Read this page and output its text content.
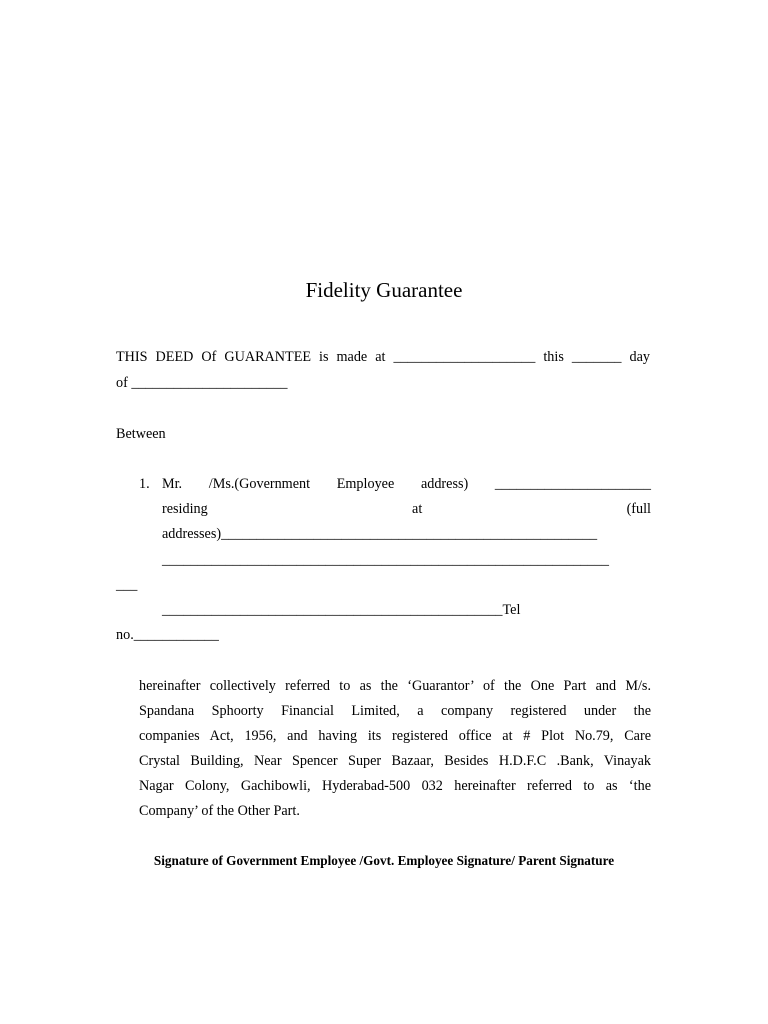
Fidelity Guarantee
THIS DEED Of GUARANTEE is made at ____________________ this _______ day
of ______________________
Between
1. Mr. /Ms.(Government Employee address) ______________________
residing	at	(full
addresses)_____________________________________________________
_______________________________________________________________
___
________________________________________________Tel
no.____________
hereinafter collectively referred to as the ‘Guarantor’ of the One Part and M/s.
Spandana Sphoorty Financial Limited, a company registered under the
companies Act, 1956, and having its registered office at # Plot No.79, Care
Crystal Building, Near Spencer Super Bazaar, Besides H.D.F.C .Bank, Vinayak
Nagar Colony, Gachibowli, Hyderabad-500 032 hereinafter referred to as ‘the
Company’ of the Other Part.
Signature of Government Employee /Govt. Employee Signature/ Parent Signature
